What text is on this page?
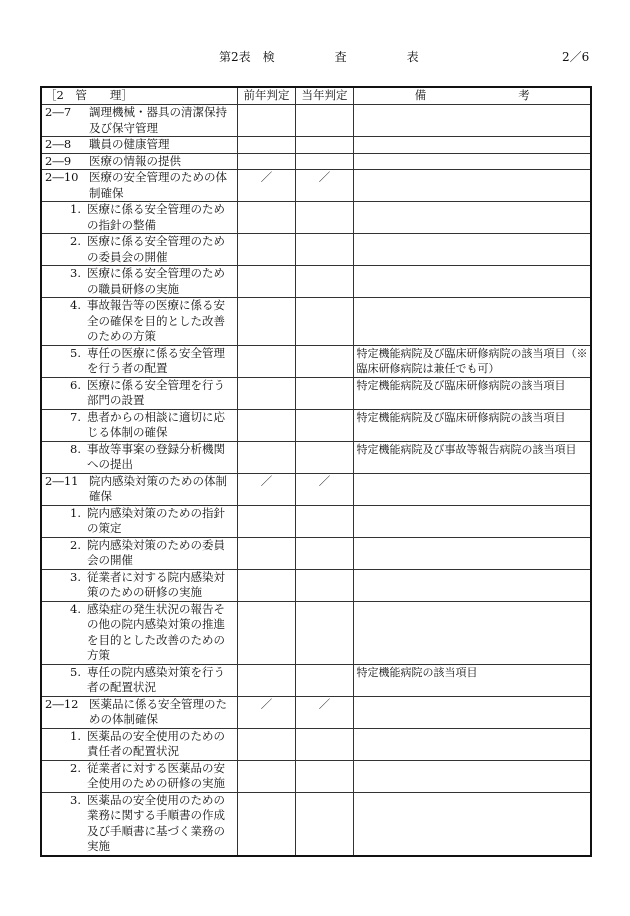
第2表　検　　　　　査　　　　　表	2／6
［2　管　　理］	前年判定	当年判定	備　　　　　　　　考

2―7 調理機械・器具の清潔保持及び保守管理			

2―8 職員の健康管理			

2―9 医療の情報の提供			

2―10 医療の安全管理のための体制確保	／	／	

1. 医療に係る安全管理のための指針の整備			

2. 医療に係る安全管理のための委員会の開催			

3. 医療に係る安全管理のための職員研修の実施			

4. 事故報告等の医療に係る安全の確保を目的とした改善のための方策			

5. 専任の医療に係る安全管理を行う者の配置			特定機能病院及び臨床研修病院の該当項目（※臨床研修病院は兼任でも可）

6. 医療に係る安全管理を行う部門の設置			特定機能病院及び臨床研修病院の該当項目

7. 患者からの相談に適切に応じる体制の確保			特定機能病院及び臨床研修病院の該当項目

8. 事故等事案の登録分析機関への提出			特定機能病院及び事故等報告病院の該当項目

2―11 院内感染対策のための体制確保	／	／	

1. 院内感染対策のための指針の策定			

2. 院内感染対策のための委員会の開催			

3. 従業者に対する院内感染対策のための研修の実施			

4. 感染症の発生状況の報告その他の院内感染対策の推進を目的とした改善のための方策			

5. 専任の院内感染対策を行う者の配置状況			特定機能病院の該当項目

2―12 医薬品に係る安全管理のための体制確保	／	／	

1. 医薬品の安全使用のための責任者の配置状況			

2. 従業者に対する医薬品の安全使用のための研修の実施			

3. 医薬品の安全使用のための業務に関する手順書の作成及び手順書に基づく業務の実施			
